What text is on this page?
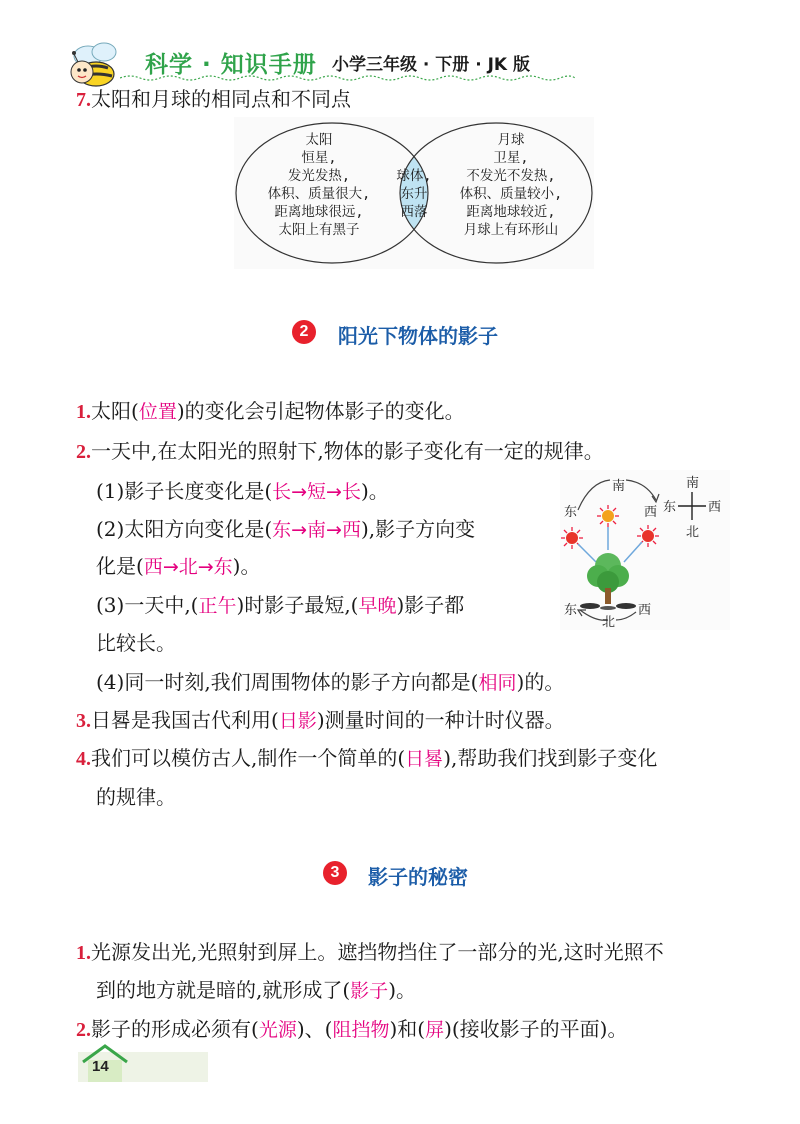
科学 · 知识手册 小学三年级 · 下册 · JK 版
7.太阳和月球的相同点和不同点
太阳
恒星,
发光发热,
体积、质量很大,
距离地球很远,
太阳上有黑子
球体,
东升
西落
月球
卫星,
不发光不发热,
体积、质量较小,
距离地球较近,
月球上有环形山
2	阳光下物体的影子
1.太阳(位置)的变化会引起物体影子的变化。
2.一天中,在太阳光的照射下,物体的影子变化有一定的规律。
(1)影子长度变化是(长→短→长)。
(2)太阳方向变化是(东→南→西),影子方向变
化是(西→北→东)。
(3)一天中,(正午)时影子最短,(早晚)影子都
比较长。
(4)同一时刻,我们周围物体的影子方向都是(相同)的。
3.日晷是我国古代利用(日影)测量时间的一种计时仪器。
4.我们可以模仿古人,制作一个简单的(日晷),帮助我们找到影子变化
的规律。
南
东	西
南
东 西
北
东
北
西
3	影子的秘密
1.光源发出光,光照射到屏上。遮挡物挡住了一部分的光,这时光照不
到的地方就是暗的,就形成了(影子)。
2.影子的形成必须有(光源)、(阻挡物)和(屏)(接收影子的平面)。
14
